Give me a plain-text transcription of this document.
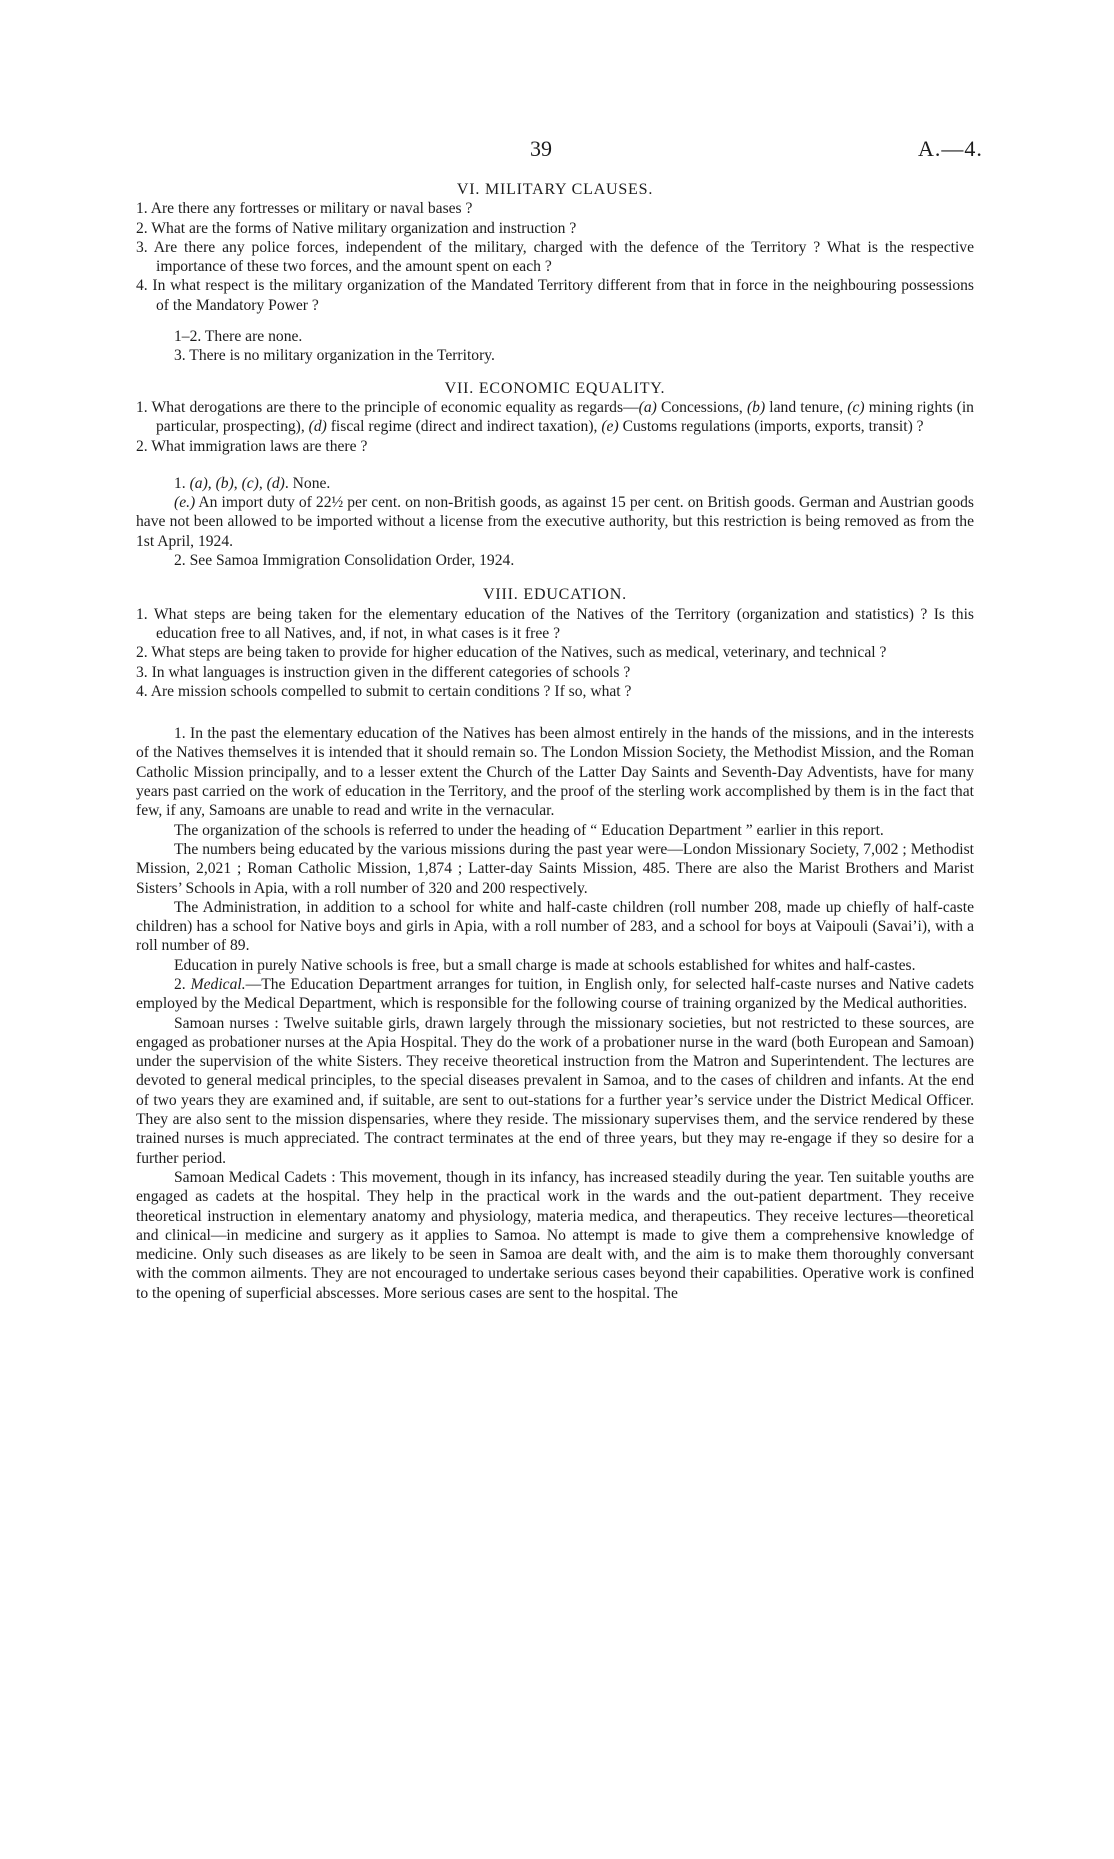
39	A.—4.

VI. MILITARY CLAUSES.

1. Are there any fortresses or military or naval bases ?

2. What are the forms of Native military organization and instruction ?

3. Are there any police forces, independent of the military, charged with the defence of the Territory ? What is the respective importance of these two forces, and the amount spent on each ?

4. In what respect is the military organization of the Mandated Territory different from that in force in the neighbouring possessions of the Mandatory Power ?

1–2. There are none.

3. There is no military organization in the Territory.

VII. ECONOMIC EQUALITY.

1. What derogations are there to the principle of economic equality as regards—(a) Concessions, (b) land tenure, (c) mining rights (in particular, prospecting), (d) fiscal regime (direct and indirect taxation), (e) Customs regulations (imports, exports, transit) ?

2. What immigration laws are there ?

1. (a), (b), (c), (d). None.

(e.) An import duty of 22½ per cent. on non-British goods, as against 15 per cent. on British goods. German and Austrian goods have not been allowed to be imported without a license from the executive authority, but this restriction is being removed as from the 1st April, 1924.

2. See Samoa Immigration Consolidation Order, 1924.

VIII. EDUCATION.

1. What steps are being taken for the elementary education of the Natives of the Territory (organization and statistics) ? Is this education free to all Natives, and, if not, in what cases is it free ?

2. What steps are being taken to provide for higher education of the Natives, such as medical, veterinary, and technical ?

3. In what languages is instruction given in the different categories of schools ?

4. Are mission schools compelled to submit to certain conditions ? If so, what ?

1. In the past the elementary education of the Natives has been almost entirely in the hands of the missions, and in the interests of the Natives themselves it is intended that it should remain so. The London Mission Society, the Methodist Mission, and the Roman Catholic Mission principally, and to a lesser extent the Church of the Latter Day Saints and Seventh-Day Adventists, have for many years past carried on the work of education in the Territory, and the proof of the sterling work accomplished by them is in the fact that few, if any, Samoans are unable to read and write in the vernacular.

The organization of the schools is referred to under the heading of “ Education Department ” earlier in this report.

The numbers being educated by the various missions during the past year were—London Missionary Society, 7,002 ; Methodist Mission, 2,021 ; Roman Catholic Mission, 1,874 ; Latter-day Saints Mission, 485. There are also the Marist Brothers and Marist Sisters’ Schools in Apia, with a roll number of 320 and 200 respectively.

The Administration, in addition to a school for white and half-caste children (roll number 208, made up chiefly of half-caste children) has a school for Native boys and girls in Apia, with a roll number of 283, and a school for boys at Vaipouli (Savai’i), with a roll number of 89.

Education in purely Native schools is free, but a small charge is made at schools established for whites and half-castes.

2. Medical.—The Education Department arranges for tuition, in English only, for selected half-caste nurses and Native cadets employed by the Medical Department, which is responsible for the following course of training organized by the Medical authorities.

Samoan nurses : Twelve suitable girls, drawn largely through the missionary societies, but not restricted to these sources, are engaged as probationer nurses at the Apia Hospital. They do the work of a probationer nurse in the ward (both European and Samoan) under the supervision of the white Sisters. They receive theoretical instruction from the Matron and Superintendent. The lectures are devoted to general medical principles, to the special diseases prevalent in Samoa, and to the cases of children and infants. At the end of two years they are examined and, if suitable, are sent to out-stations for a further year’s service under the District Medical Officer. They are also sent to the mission dispensaries, where they reside. The missionary supervises them, and the service rendered by these trained nurses is much appreciated. The contract terminates at the end of three years, but they may re-engage if they so desire for a further period.

Samoan Medical Cadets : This movement, though in its infancy, has increased steadily during the year. Ten suitable youths are engaged as cadets at the hospital. They help in the practical work in the wards and the out-patient department. They receive theoretical instruction in elementary anatomy and physiology, materia medica, and therapeutics. They receive lectures—theoretical and clinical—in medicine and surgery as it applies to Samoa. No attempt is made to give them a comprehensive knowledge of medicine. Only such diseases as are likely to be seen in Samoa are dealt with, and the aim is to make them thoroughly conversant with the common ailments. They are not encouraged to undertake serious cases beyond their capabilities. Operative work is confined to the opening of superficial abscesses. More serious cases are sent to the hospital. The
